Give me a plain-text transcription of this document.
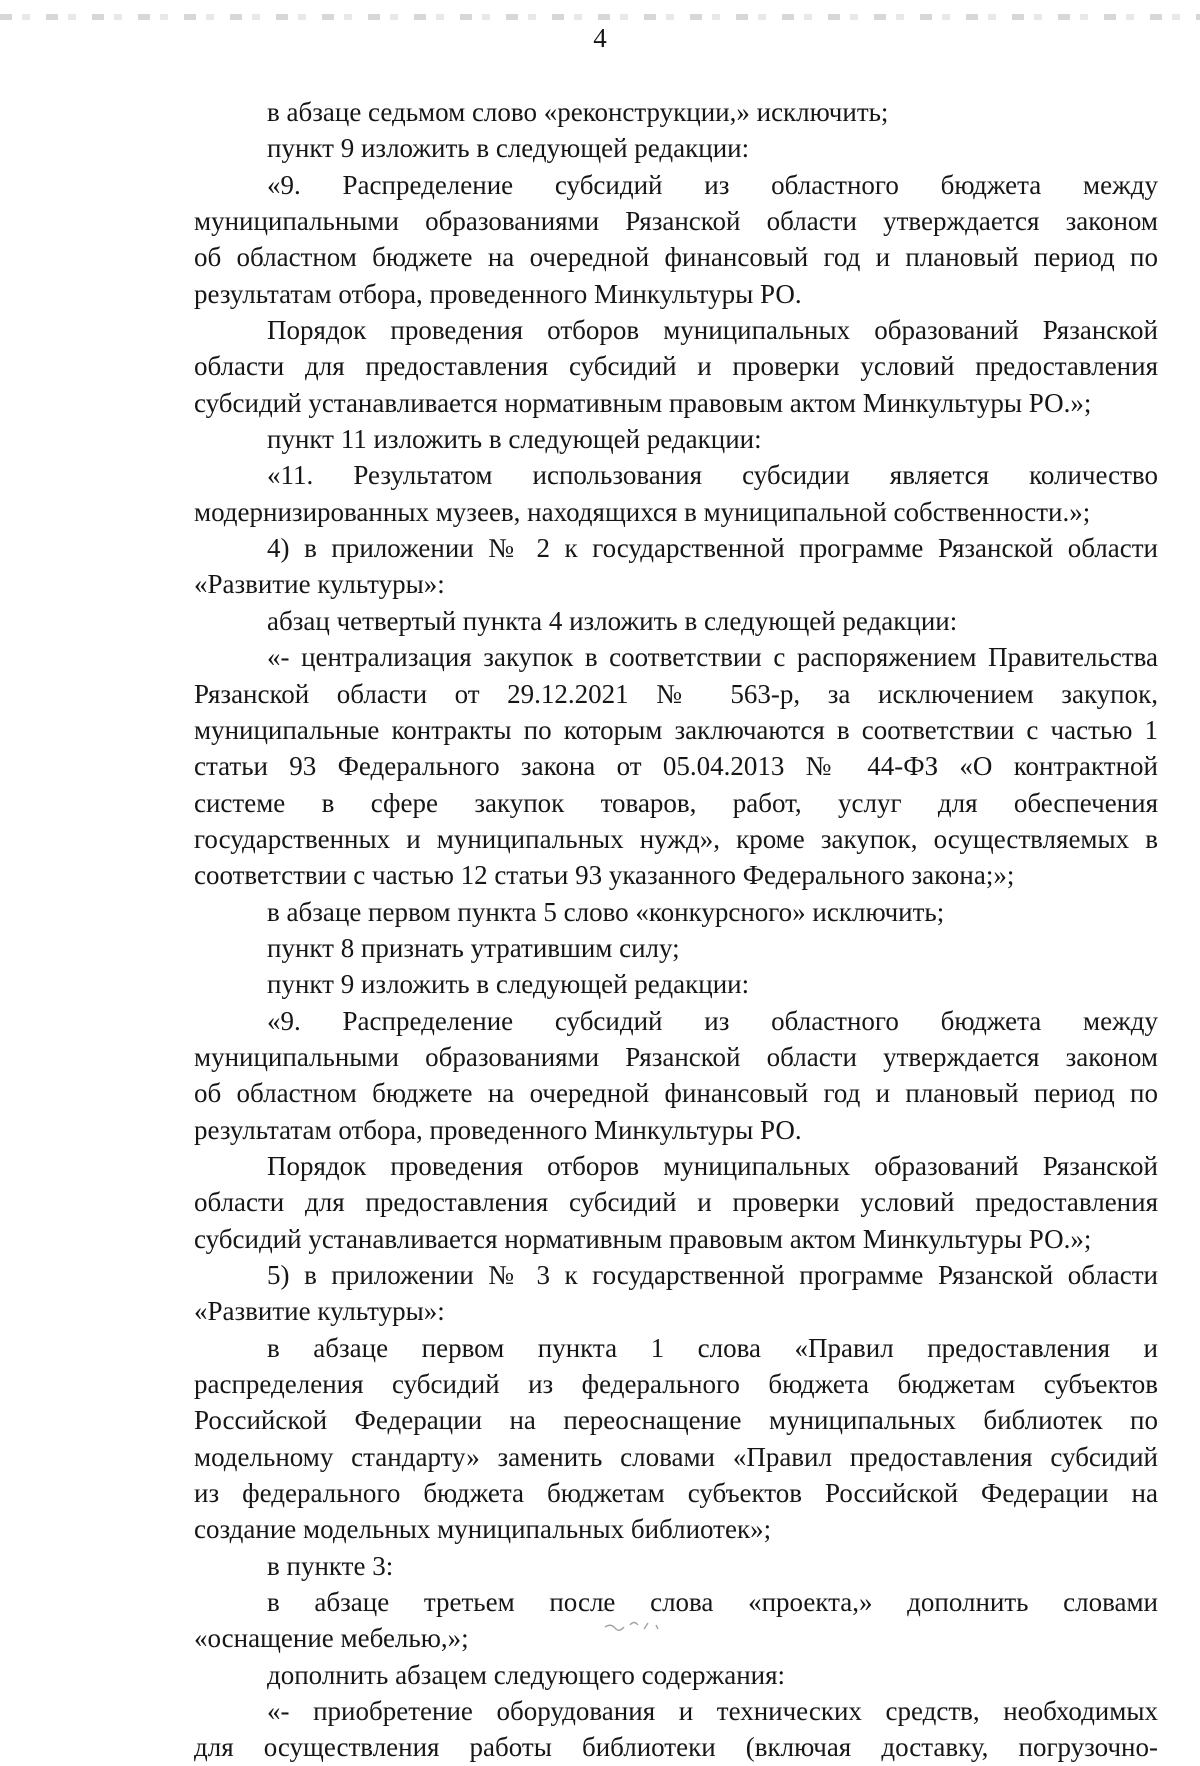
4
в абзаце седьмом слово «реконструкции,» исключить;
пункт 9 изложить в следующей редакции:
«9. Распределение субсидий из областного бюджета между
муниципальными образованиями Рязанской области утверждается законом
об областном бюджете на очередной финансовый год и плановый период по
результатам отбора, проведенного Минкультуры РО.
Порядок проведения отборов муниципальных образований Рязанской
области для предоставления субсидий и проверки условий предоставления
субсидий устанавливается нормативным правовым актом Минкультуры РО.»;
пункт 11 изложить в следующей редакции:
«11. Результатом использования субсидии является количество
модернизированных музеев, находящихся в муниципальной собственности.»;
4) в приложении № 2 к государственной программе Рязанской области
«Развитие культуры»:
абзац четвертый пункта 4 изложить в следующей редакции:
«- централизация закупок в соответствии с распоряжением Правительства
Рязанской области от 29.12.2021 № 563-р, за исключением закупок,
муниципальные контракты по которым заключаются в соответствии с частью 1
статьи 93 Федерального закона от 05.04.2013 № 44-ФЗ «О контрактной
системе в сфере закупок товаров, работ, услуг для обеспечения
государственных и муниципальных нужд», кроме закупок, осуществляемых в
соответствии с частью 12 статьи 93 указанного Федерального закона;»;
в абзаце первом пункта 5 слово «конкурсного» исключить;
пункт 8 признать утратившим силу;
пункт 9 изложить в следующей редакции:
«9. Распределение субсидий из областного бюджета между
муниципальными образованиями Рязанской области утверждается законом
об областном бюджете на очередной финансовый год и плановый период по
результатам отбора, проведенного Минкультуры РО.
Порядок проведения отборов муниципальных образований Рязанской
области для предоставления субсидий и проверки условий предоставления
субсидий устанавливается нормативным правовым актом Минкультуры РО.»;
5) в приложении № 3 к государственной программе Рязанской области
«Развитие культуры»:
в абзаце первом пункта 1 слова «Правил предоставления и
распределения субсидий из федерального бюджета бюджетам субъектов
Российской Федерации на переоснащение муниципальных библиотек по
модельному стандарту» заменить словами «Правил предоставления субсидий
из федерального бюджета бюджетам субъектов Российской Федерации на
создание модельных муниципальных библиотек»;
в пункте 3:
в абзаце третьем после слова «проекта,» дополнить словами
«оснащение мебелью,»;
дополнить абзацем следующего содержания:
«- приобретение оборудования и технических средств, необходимых
для осуществления работы библиотеки (включая доставку, погрузочно-
